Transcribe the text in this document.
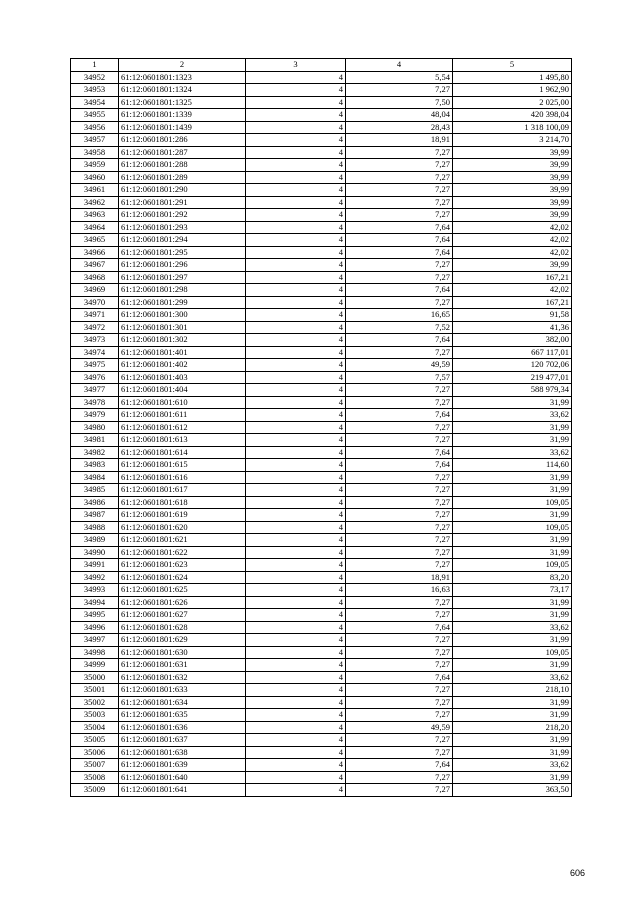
1	2	3	4	5
34952	61:12:0601801:1323	4	5,54	1 495,80
34953	61:12:0601801:1324	4	7,27	1 962,90
34954	61:12:0601801:1325	4	7,50	2 025,00
34955	61:12:0601801:1339	4	48,04	420 398,04
34956	61:12:0601801:1439	4	28,43	1 318 100,09
34957	61:12:0601801:286	4	18,91	3 214,70
34958	61:12:0601801:287	4	7,27	39,99
34959	61:12:0601801:288	4	7,27	39,99
34960	61:12:0601801:289	4	7,27	39,99
34961	61:12:0601801:290	4	7,27	39,99
34962	61:12:0601801:291	4	7,27	39,99
34963	61:12:0601801:292	4	7,27	39,99
34964	61:12:0601801:293	4	7,64	42,02
34965	61:12:0601801:294	4	7,64	42,02
34966	61:12:0601801:295	4	7,64	42,02
34967	61:12:0601801:296	4	7,27	39,99
34968	61:12:0601801:297	4	7,27	167,21
34969	61:12:0601801:298	4	7,64	42,02
34970	61:12:0601801:299	4	7,27	167,21
34971	61:12:0601801:300	4	16,65	91,58
34972	61:12:0601801:301	4	7,52	41,36
34973	61:12:0601801:302	4	7,64	382,00
34974	61:12:0601801:401	4	7,27	667 117,01
34975	61:12:0601801:402	4	49,59	120 702,06
34976	61:12:0601801:403	4	7,57	219 477,01
34977	61:12:0601801:404	4	7,27	588 979,34
34978	61:12:0601801:610	4	7,27	31,99
34979	61:12:0601801:611	4	7,64	33,62
34980	61:12:0601801:612	4	7,27	31,99
34981	61:12:0601801:613	4	7,27	31,99
34982	61:12:0601801:614	4	7,64	33,62
34983	61:12:0601801:615	4	7,64	114,60
34984	61:12:0601801:616	4	7,27	31,99
34985	61:12:0601801:617	4	7,27	31,99
34986	61:12:0601801:618	4	7,27	109,05
34987	61:12:0601801:619	4	7,27	31,99
34988	61:12:0601801:620	4	7,27	109,05
34989	61:12:0601801:621	4	7,27	31,99
34990	61:12:0601801:622	4	7,27	31,99
34991	61:12:0601801:623	4	7,27	109,05
34992	61:12:0601801:624	4	18,91	83,20
34993	61:12:0601801:625	4	16,63	73,17
34994	61:12:0601801:626	4	7,27	31,99
34995	61:12:0601801:627	4	7,27	31,99
34996	61:12:0601801:628	4	7,64	33,62
34997	61:12:0601801:629	4	7,27	31,99
34998	61:12:0601801:630	4	7,27	109,05
34999	61:12:0601801:631	4	7,27	31,99
35000	61:12:0601801:632	4	7,64	33,62
35001	61:12:0601801:633	4	7,27	218,10
35002	61:12:0601801:634	4	7,27	31,99
35003	61:12:0601801:635	4	7,27	31,99
35004	61:12:0601801:636	4	49,59	218,20
35005	61:12:0601801:637	4	7,27	31,99
35006	61:12:0601801:638	4	7,27	31,99
35007	61:12:0601801:639	4	7,64	33,62
35008	61:12:0601801:640	4	7,27	31,99
35009	61:12:0601801:641	4	7,27	363,50
606
